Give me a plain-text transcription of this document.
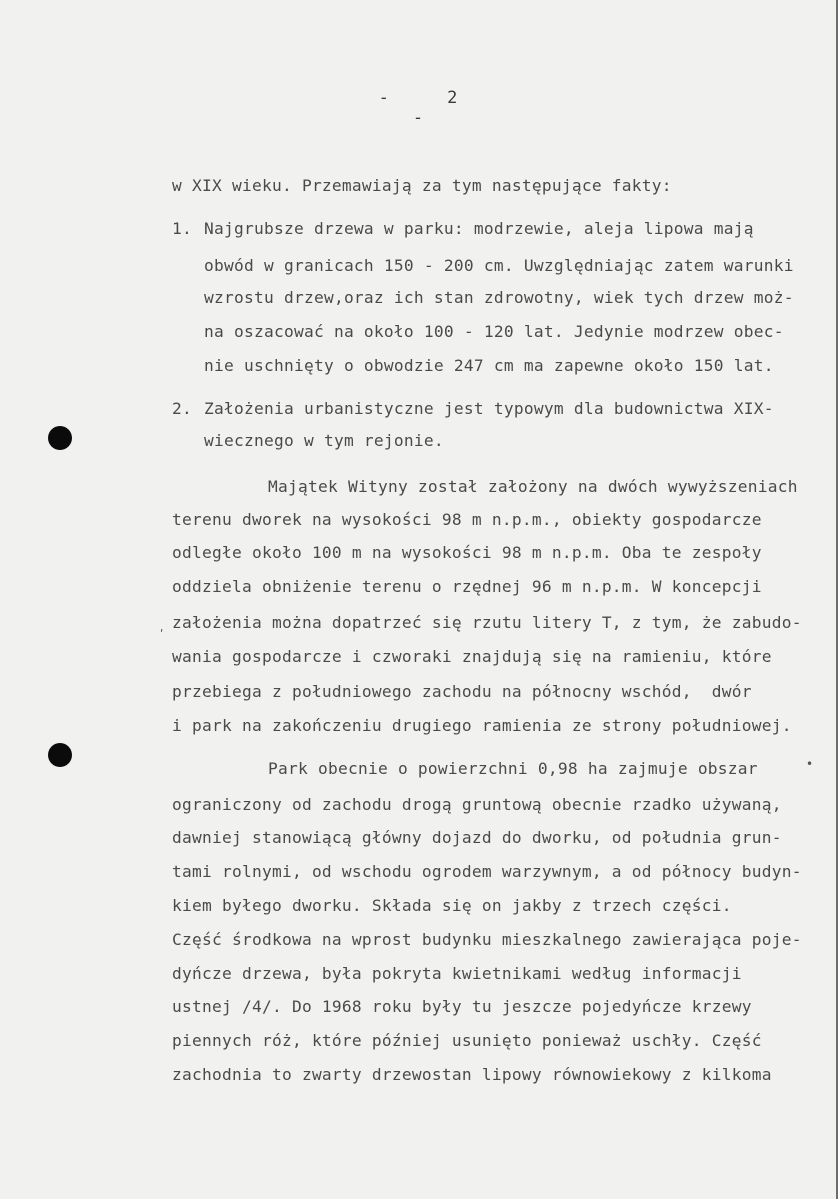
- 2 -
w XIX wieku. Przemawiają za tym następujące fakty:
1. Najgrubsze drzewa w parku: modrzewie, aleja lipowa mają
obwód w granicach 150 - 200 cm. Uwzględniając zatem warunki
wzrostu drzew,oraz ich stan zdrowotny, wiek tych drzew moż-
na oszacować na około 100 - 120 lat. Jedynie modrzew obec-
nie uschnięty o obwodzie 247 cm ma zapewne około 150 lat.
2. Założenia urbanistyczne jest typowym dla budownictwa XIX-
wiecznego w tym rejonie.
Majątek Wityny został założony na dwóch wywyższeniach
terenu dworek na wysokości 98 m n.p.m., obiekty gospodarcze
odległe około 100 m na wysokości 98 m n.p.m. Oba te zespoły
oddziela obniżenie terenu o rzędnej 96 m n.p.m. W koncepcji
założenia można dopatrzeć się rzutu litery T, z tym, że zabudo-
wania gospodarcze i czworaki znajdują się na ramieniu, które
przebiega z południowego zachodu na północny wschód,  dwór
i park na zakończeniu drugiego ramienia ze strony południowej.
Park obecnie o powierzchni 0,98 ha zajmuje obszar
ograniczony od zachodu drogą gruntową obecnie rzadko używaną,
dawniej stanowiącą główny dojazd do dworku, od południa grun-
tami rolnymi, od wschodu ogrodem warzywnym, a od północy budyn-
kiem byłego dworku. Składa się on jakby z trzech części.
Część środkowa na wprost budynku mieszkalnego zawierająca poje-
dyńcze drzewa, była pokryta kwietnikami według informacji
ustnej /4/. Do 1968 roku były tu jeszcze pojedyńcze krzewy
piennych róż, które później usunięto ponieważ uschły. Część
zachodnia to zwarty drzewostan lipowy równowiekowy z kilkoma
•
ʹ
